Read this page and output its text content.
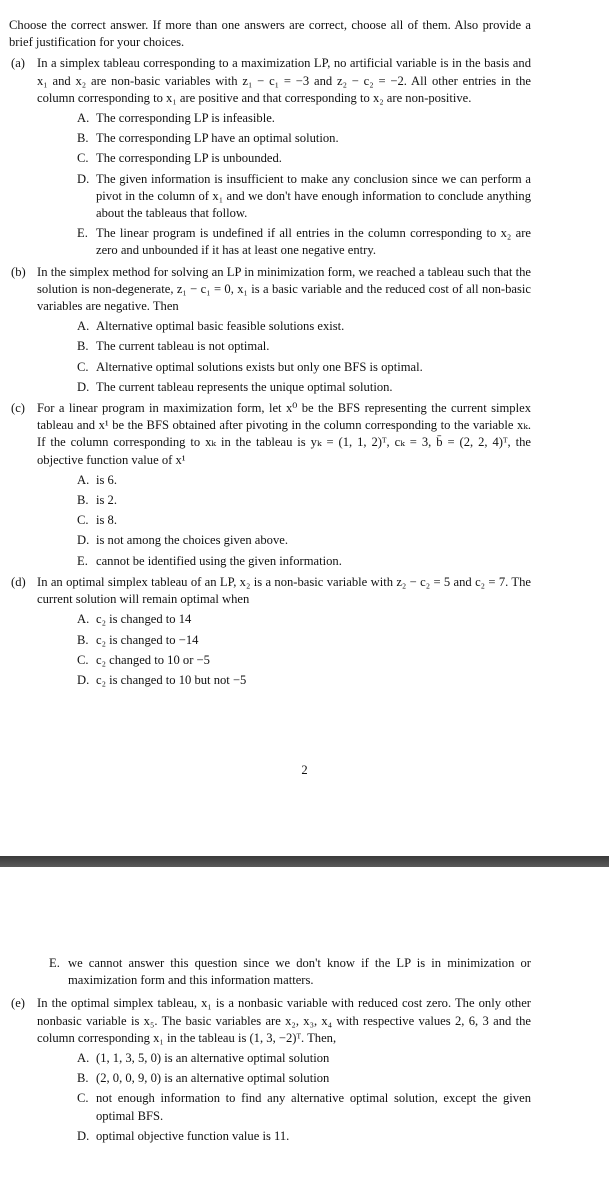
Choose the correct answer. If more than one answers are correct, choose all of them. Also provide a brief justification for your choices.

(a) In a simplex tableau corresponding to a maximization LP, no artificial variable is in the basis and x₁ and x₂ are non-basic variables with z₁ − c₁ = −3 and z₂ − c₂ = −2. All other entries in the column corresponding to x₁ are positive and that corresponding to x₂ are non-positive.
A. The corresponding LP is infeasible.
B. The corresponding LP have an optimal solution.
C. The corresponding LP is unbounded.
D. The given information is insufficient to make any conclusion since we can perform a pivot in the column of x₁ and we don't have enough information to conclude anything about the tableaus that follow.
E. The linear program is undefined if all entries in the column corresponding to x₂ are zero and unbounded if it has at least one negative entry.
(b) In the simplex method for solving an LP in minimization form, we reached a tableau such that the solution is non-degenerate, z₁ − c₁ = 0, x₁ is a basic variable and the reduced cost of all non-basic variables are negative. Then
A. Alternative optimal basic feasible solutions exist.
B. The current tableau is not optimal.
C. Alternative optimal solutions exists but only one BFS is optimal.
D. The current tableau represents the unique optimal solution.
(c) For a linear program in maximization form, let x⁰ be the BFS representing the current simplex tableau and x¹ be the BFS obtained after pivoting in the column corresponding to the variable xₖ. If the column corresponding to xₖ in the tableau is yₖ = (1, 1, 2)ᵀ, cₖ = 3, b̄ = (2, 2, 4)ᵀ, the objective function value of x¹
A. is 6.
B. is 2.
C. is 8.
D. is not among the choices given above.
E. cannot be identified using the given information.
(d) In an optimal simplex tableau of an LP, x₂ is a non-basic variable with z₂ − c₂ = 5 and c₂ = 7. The current solution will remain optimal when
A. c₂ is changed to 14
B. c₂ is changed to −14
C. c₂ changed to 10 or −5
D. c₂ is changed to 10 but not −5
2
E. we cannot answer this question since we don't know if the LP is in minimization or maximization form and this information matters.
(e) In the optimal simplex tableau, x₁ is a nonbasic variable with reduced cost zero. The only other nonbasic variable is x₅. The basic variables are x₂, x₃, x₄ with respective values 2, 6, 3 and the column corresponding x₁ in the tableau is (1, 3, −2)ᵀ. Then,
A. (1, 1, 3, 5, 0) is an alternative optimal solution
B. (2, 0, 0, 9, 0) is an alternative optimal solution
C. not enough information to find any alternative optimal solution, except the given optimal BFS.
D. optimal objective function value is 11.
